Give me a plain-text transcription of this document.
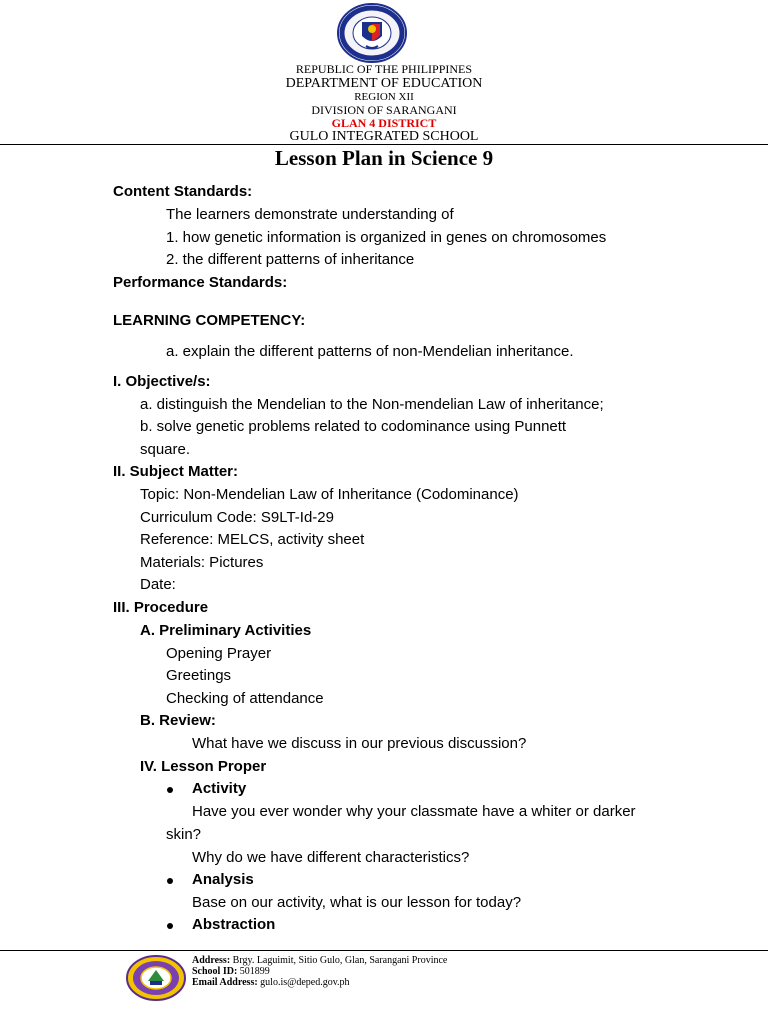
REPUBLIC OF THE PHILIPPINES
DEPARTMENT OF EDUCATION
REGION XII
DIVISION OF SARANGANI
GLAN 4 DISTRICT
GULO INTEGRATED SCHOOL
Lesson Plan in Science 9
Content Standards:
The learners demonstrate understanding of
1. how genetic information is organized in genes on chromosomes
2. the different patterns of inheritance
Performance Standards:
LEARNING COMPETENCY:
a. explain the different patterns of non-Mendelian inheritance.
I. Objective/s:
a. distinguish the Mendelian to the Non-mendelian Law of inheritance;
b. solve genetic problems related to codominance using Punnett
square.
II. Subject Matter:
Topic: Non-Mendelian Law of Inheritance (Codominance)
Curriculum Code: S9LT-Id-29
Reference: MELCS, activity sheet
Materials: Pictures
Date:
III. Procedure
A. Preliminary Activities
Opening Prayer
Greetings
Checking of attendance
B. Review:
What have we discuss in our previous discussion?
IV. Lesson Proper
Activity
Have you ever wonder why your classmate have a whiter or darker
skin?
Why do we have different characteristics?
Analysis
Base on our activity, what is our lesson for today?
Abstraction
Address: Brgy. Laguimit, Sitio Gulo, Glan, Sarangani Province
School ID: 501899
Email Address: gulo.is@deped.gov.ph
